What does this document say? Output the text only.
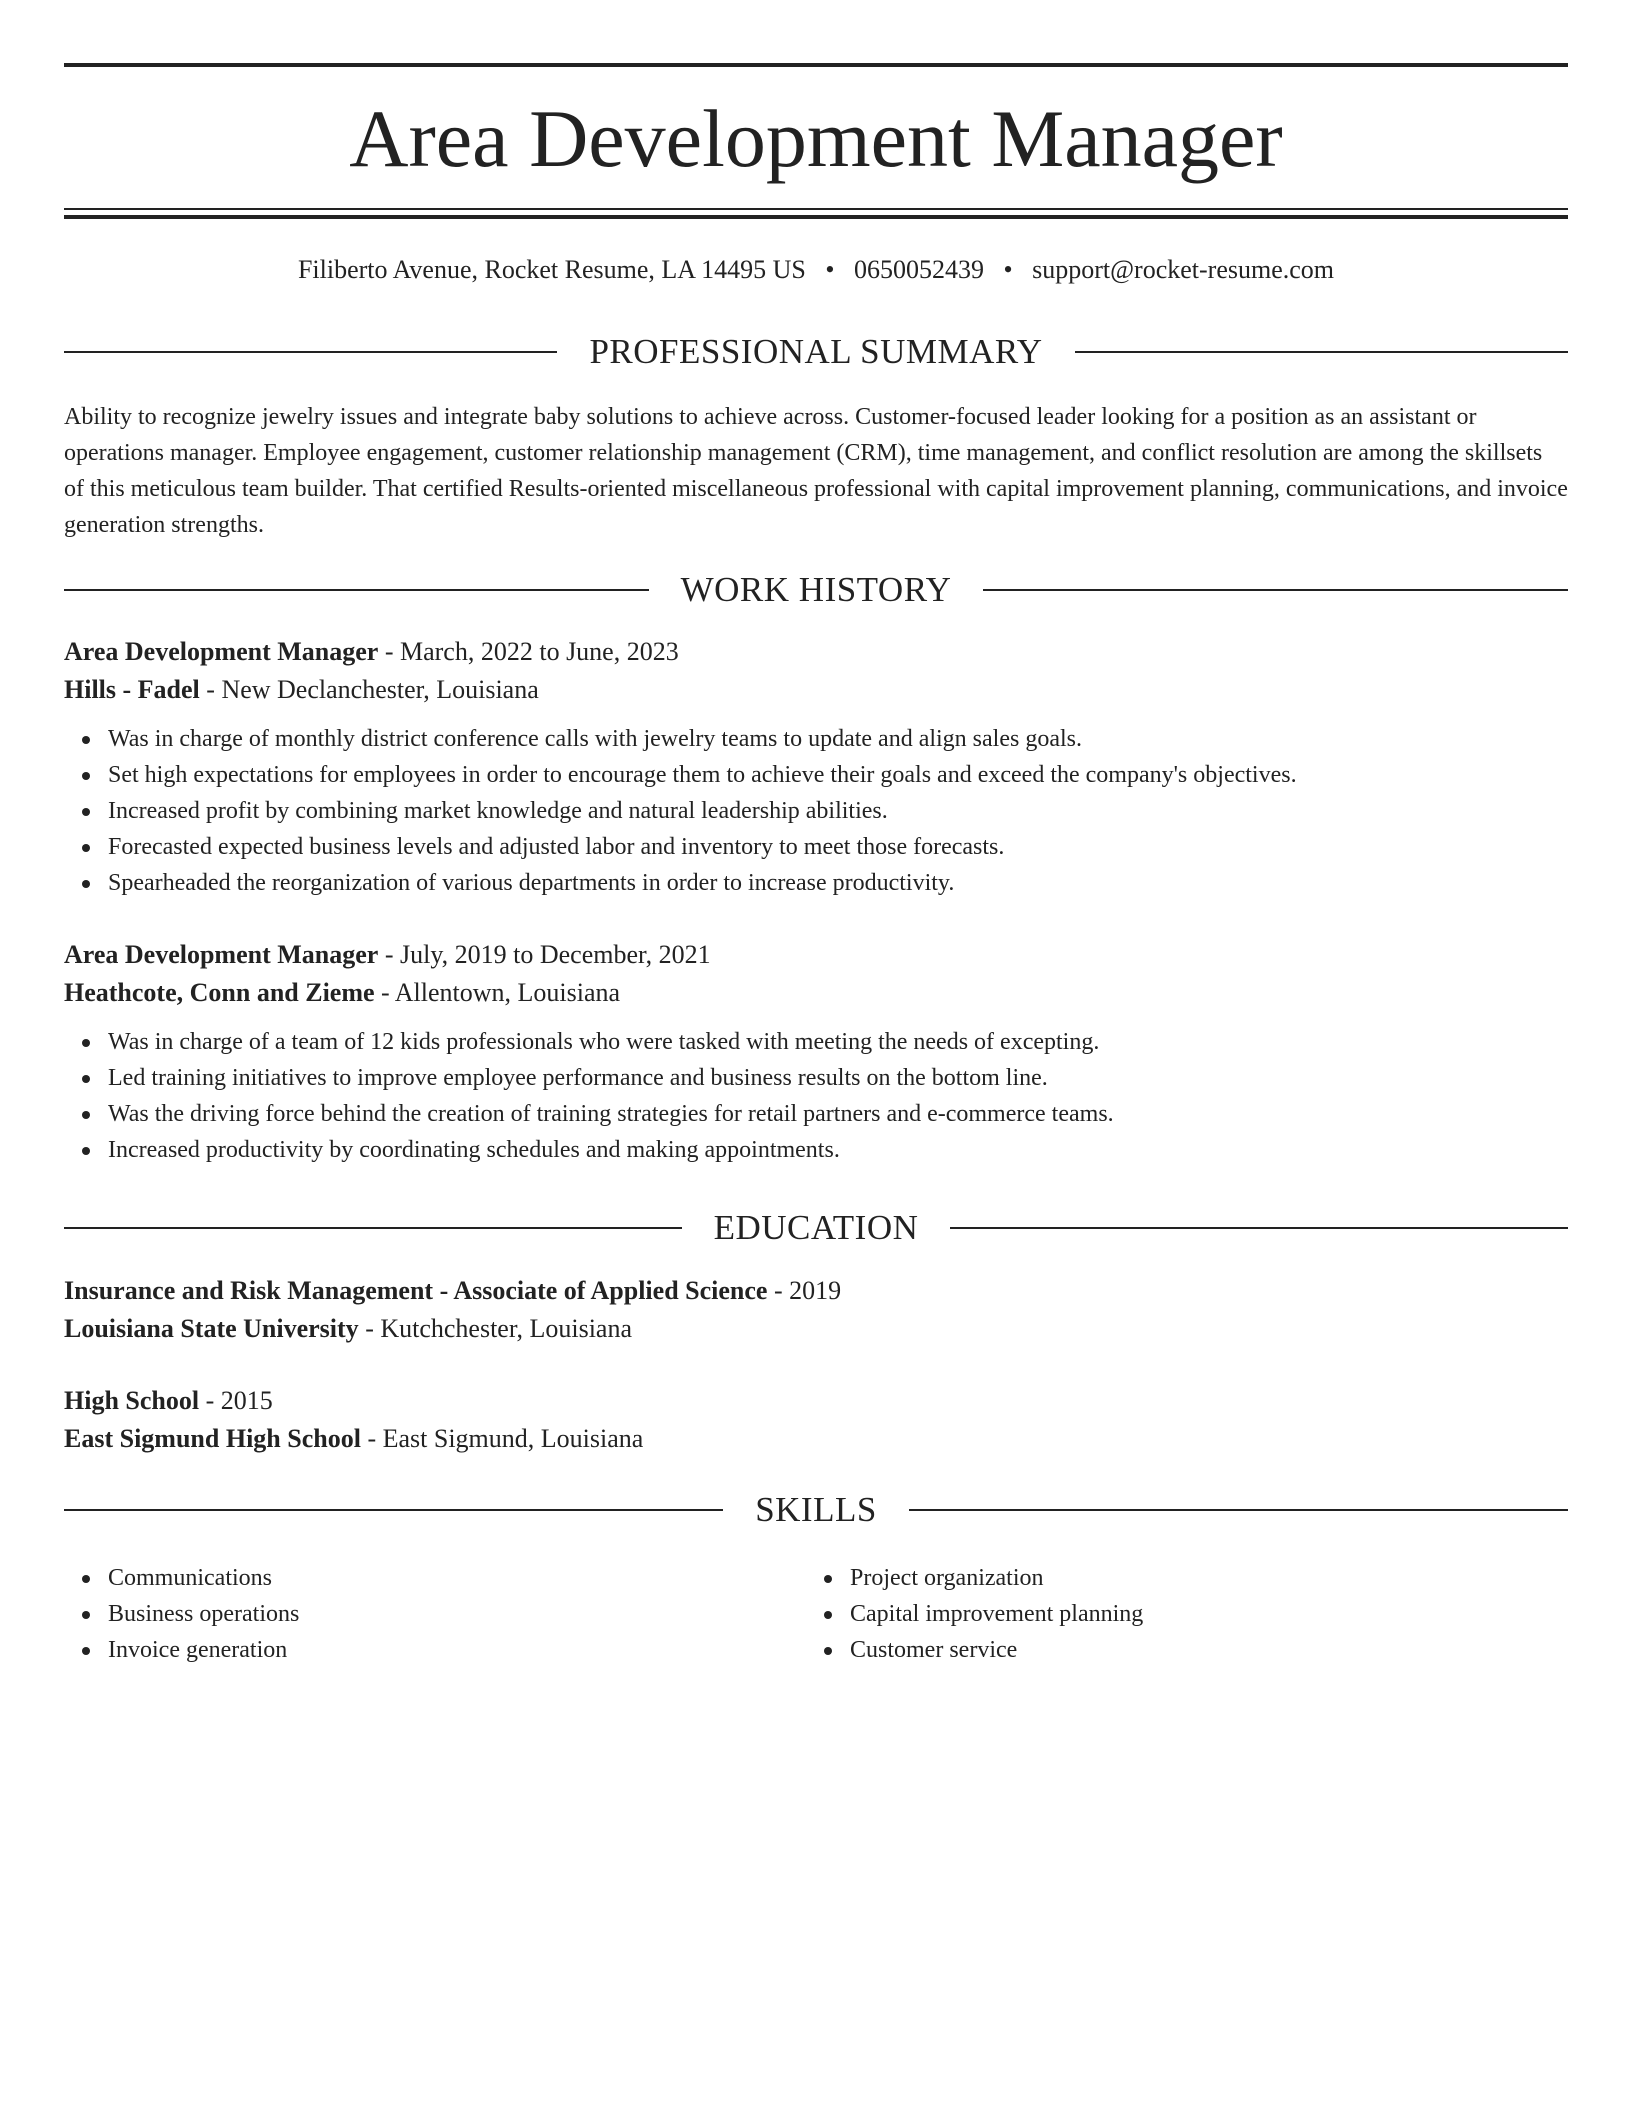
Area Development Manager
Filiberto Avenue, Rocket Resume, LA 14495 US • 0650052439 • support@rocket-resume.com
PROFESSIONAL SUMMARY

Ability to recognize jewelry issues and integrate baby solutions to achieve across. Customer-focused leader looking for a position as an assistant or operations manager. Employee engagement, customer relationship management (CRM), time management, and conflict resolution are among the skillsets of this meticulous team builder. That certified Results-oriented miscellaneous professional with capital improvement planning, communications, and invoice generation strengths.

WORK HISTORY
Area Development Manager - March, 2022 to June, 2023
Hills - Fadel - New Declanchester, Louisiana
Was in charge of monthly district conference calls with jewelry teams to update and align sales goals.
Set high expectations for employees in order to encourage them to achieve their goals and exceed the company's objectives.
Increased profit by combining market knowledge and natural leadership abilities.
Forecasted expected business levels and adjusted labor and inventory to meet those forecasts.
Spearheaded the reorganization of various departments in order to increase productivity.
Area Development Manager - July, 2019 to December, 2021
Heathcote, Conn and Zieme - Allentown, Louisiana
Was in charge of a team of 12 kids professionals who were tasked with meeting the needs of excepting.
Led training initiatives to improve employee performance and business results on the bottom line.
Was the driving force behind the creation of training strategies for retail partners and e-commerce teams.
Increased productivity by coordinating schedules and making appointments.
EDUCATION
Insurance and Risk Management - Associate of Applied Science - 2019
Louisiana State University - Kutchchester, Louisiana
High School - 2015
East Sigmund High School - East Sigmund, Louisiana
SKILLS
Communications
Business operations
Invoice generation
Project organization
Capital improvement planning
Customer service
